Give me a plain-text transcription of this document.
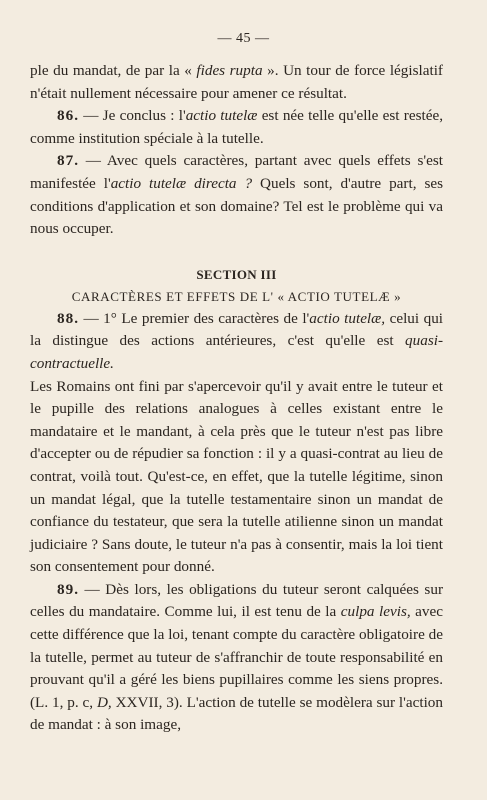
— 45 —

ple du mandat, de par la « fides rupta ». Un tour de force législatif n'était nullement nécessaire pour amener ce résultat.

86. — Je conclus : l'actio tutelæ est née telle qu'elle est restée, comme institution spéciale à la tutelle.

87. — Avec quels caractères, partant avec quels effets s'est manifestée l'actio tutelæ directa ? Quels sont, d'autre part, ses conditions d'application et son domaine? Tel est le problème qui va nous occuper.

SECTION III

CARACTÈRES ET EFFETS DE L' « ACTIO TUTELÆ »

88. — 1° Le premier des caractères de l'actio tutelæ, celui qui la distingue des actions antérieures, c'est qu'elle est quasi-contractuelle.

Les Romains ont fini par s'apercevoir qu'il y avait entre le tuteur et le pupille des relations analogues à celles existant entre le mandataire et le mandant, à cela près que le tuteur n'est pas libre d'accepter ou de répudier sa fonction : il y a quasi-contrat au lieu de contrat, voilà tout. Qu'est-ce, en effet, que la tutelle légitime, sinon un mandat légal, que la tutelle testamentaire sinon un mandat de confiance du testateur, que sera la tutelle atilienne sinon un mandat judiciaire ? Sans doute, le tuteur n'a pas à consentir, mais la loi tient son consentement pour donné.

89. — Dès lors, les obligations du tuteur seront calquées sur celles du mandataire. Comme lui, il est tenu de la culpa levis, avec cette différence que la loi, tenant compte du caractère obligatoire de la tutelle, permet au tuteur de s'affranchir de toute responsabilité en prouvant qu'il a géré les biens pupillaires comme les siens propres. (L. 1, p. c, D, XXVII, 3). L'action de tutelle se modèlera sur l'action de mandat : à son image,
